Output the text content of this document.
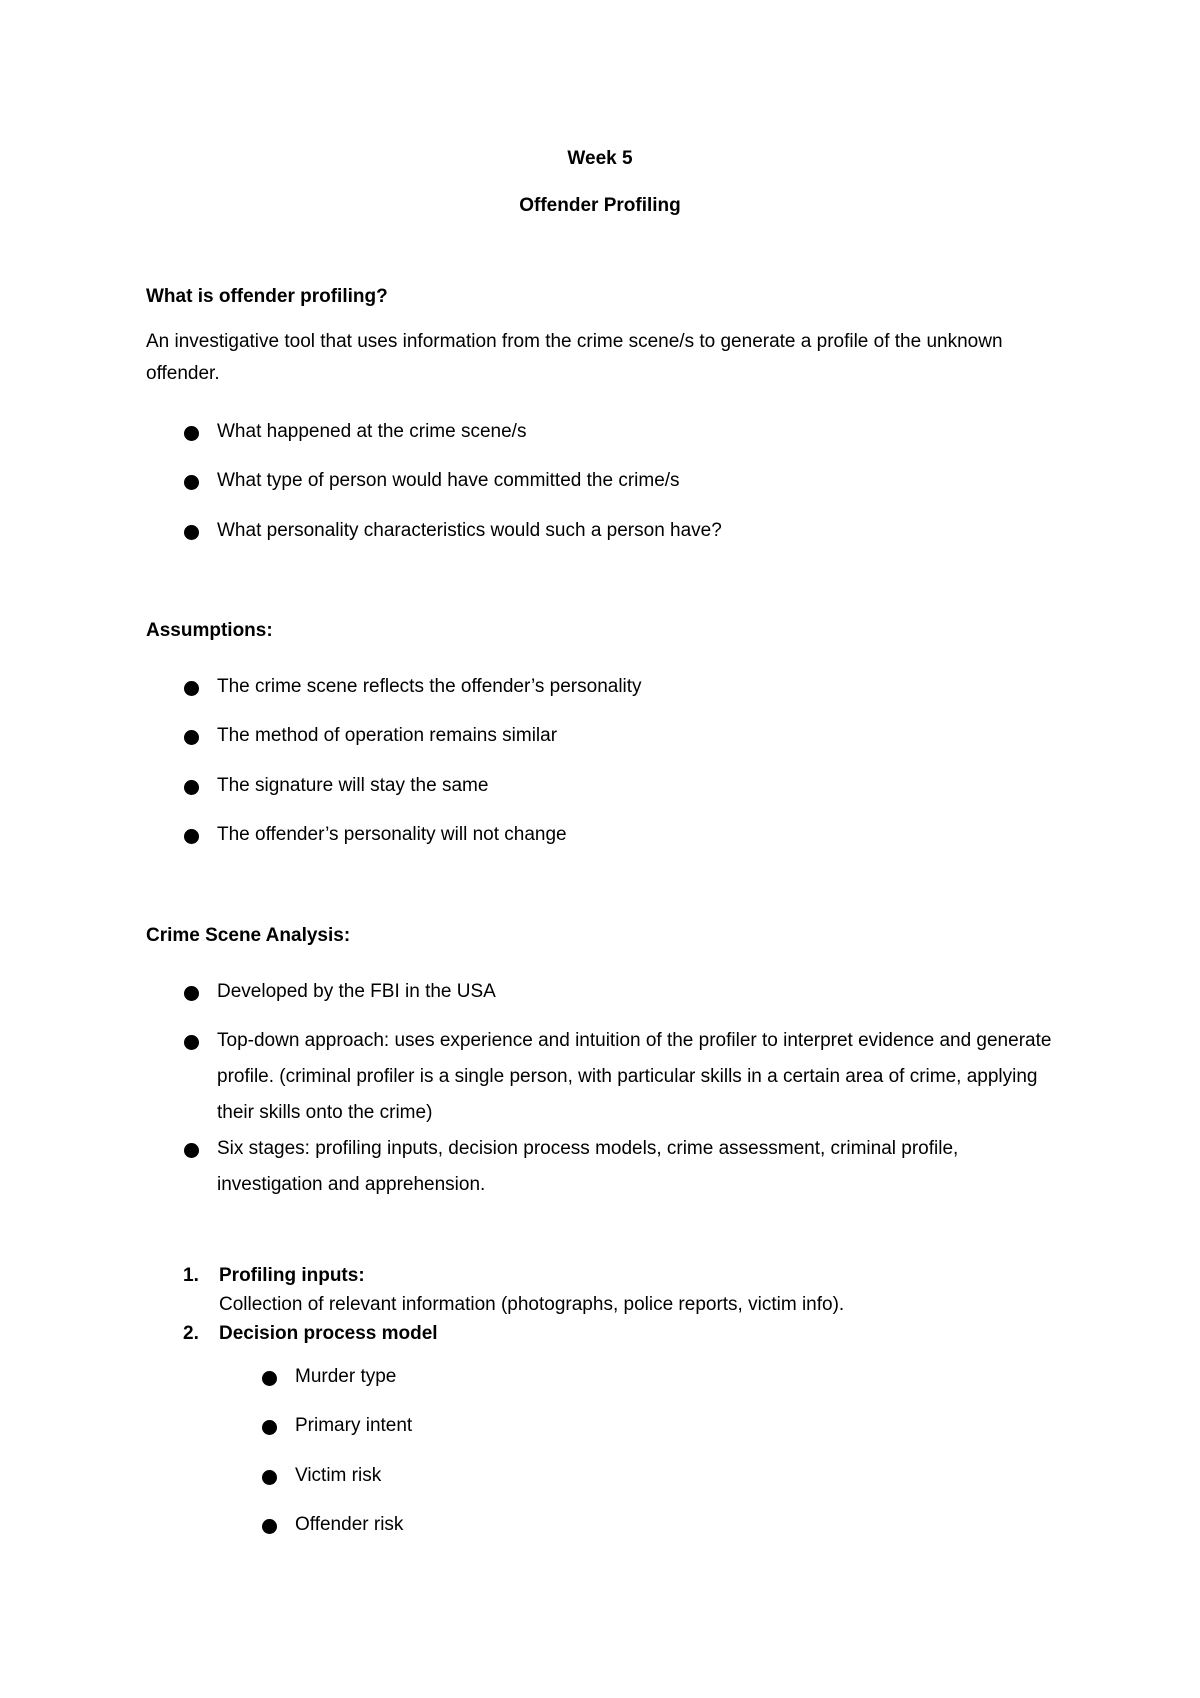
Week 5
Offender Profiling
What is offender profiling?
An investigative tool that uses information from the crime scene/s to generate a profile of the unknown offender.
What happened at the crime scene/s
What type of person would have committed the crime/s
What personality characteristics would such a person have?
Assumptions:
The crime scene reflects the offender’s personality
The method of operation remains similar
The signature will stay the same
The offender’s personality will not change
Crime Scene Analysis:
Developed by the FBI in the USA
Top-down approach: uses experience and intuition of the profiler to interpret evidence and generate profile. (criminal profiler is a single person, with particular skills in a certain area of crime, applying their skills onto the crime)
Six stages: profiling inputs, decision process models, crime assessment, criminal profile, investigation and apprehension.
1. Profiling inputs:
Collection of relevant information (photographs, police reports, victim info).
2. Decision process model
Murder type
Primary intent
Victim risk
Offender risk
